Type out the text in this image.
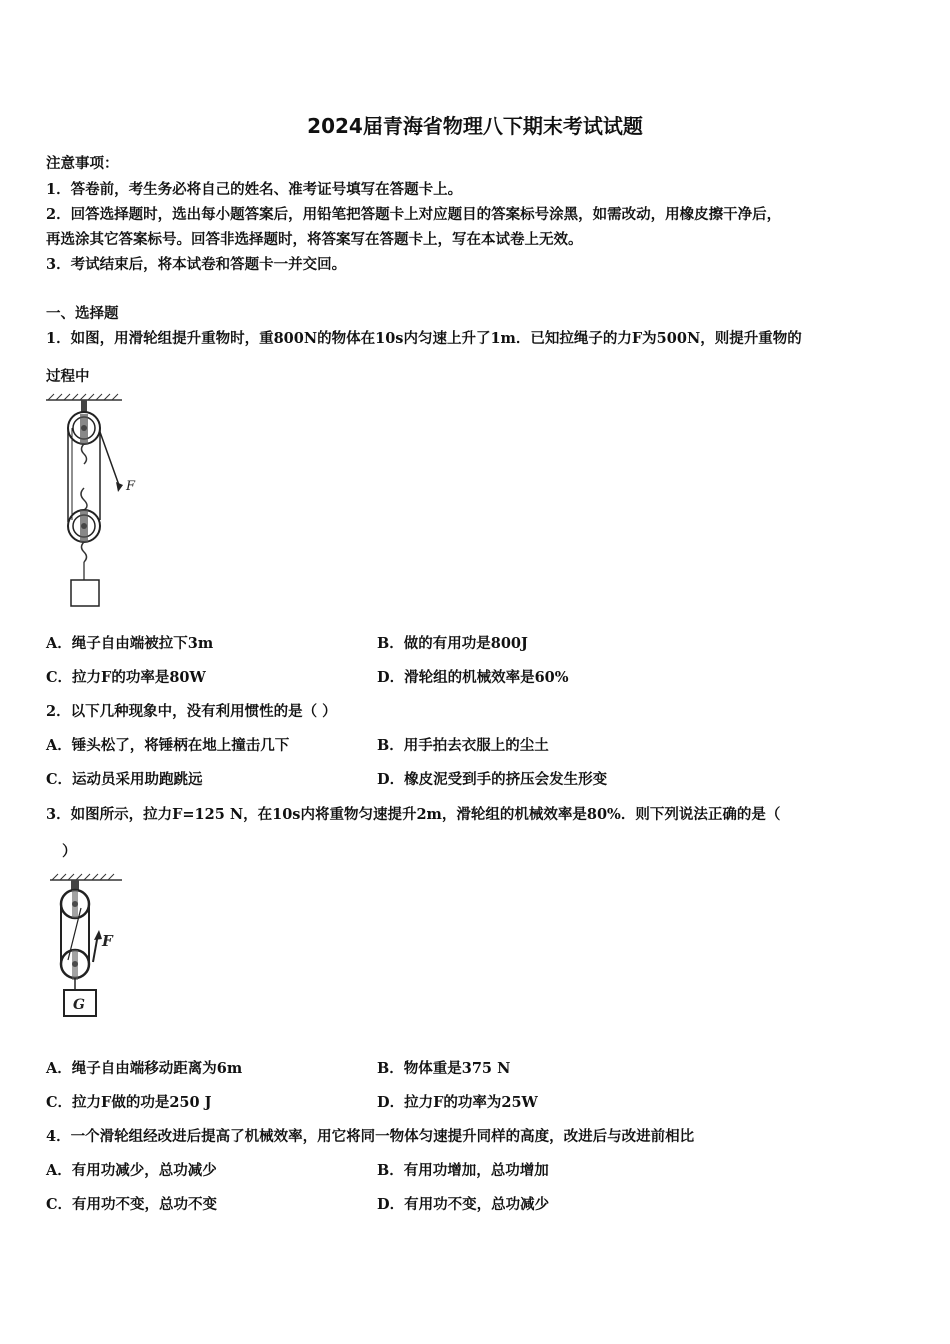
2024届青海省物理八下期末考试试题
注意事项：
1．答卷前，考生务必将自己的姓名、准考证号填写在答题卡上。
2．回答选择题时，选出每小题答案后，用铅笔把答题卡上对应题目的答案标号涂黑，如需改动，用橡皮擦干净后，
再选涂其它答案标号。回答非选择题时，将答案写在答题卡上，写在本试卷上无效。
3．考试结束后，将本试卷和答题卡一并交回。
一、选择题
1．如图，用滑轮组提升重物时，重800N的物体在10s内匀速上升了1m．已知拉绳子的力F为500N，则提升重物的
过程中
F
A．绳子自由端被拉下3m	B．做的有用功是800J
C．拉力F的功率是80W	D．滑轮组的机械效率是60%
2．以下几种现象中，没有利用惯性的是（ ）
A．锤头松了，将锤柄在地上撞击几下	B．用手拍去衣服上的尘土
C．运动员采用助跑跳远	D．橡皮泥受到手的挤压会发生形变
3．如图所示，拉力F=125 N，在10s内将重物匀速提升2m，滑轮组的机械效率是80%．则下列说法正确的是（
）
F
G
A．绳子自由端移动距离为6m	B．物体重是375 N
C．拉力F做的功是250 J	D．拉力F的功率为25W
4．一个滑轮组经改进后提高了机械效率，用它将同一物体匀速提升同样的高度，改进后与改进前相比
A．有用功减少，总功减少	B．有用功增加，总功增加
C．有用功不变，总功不变	D．有用功不变，总功减少
